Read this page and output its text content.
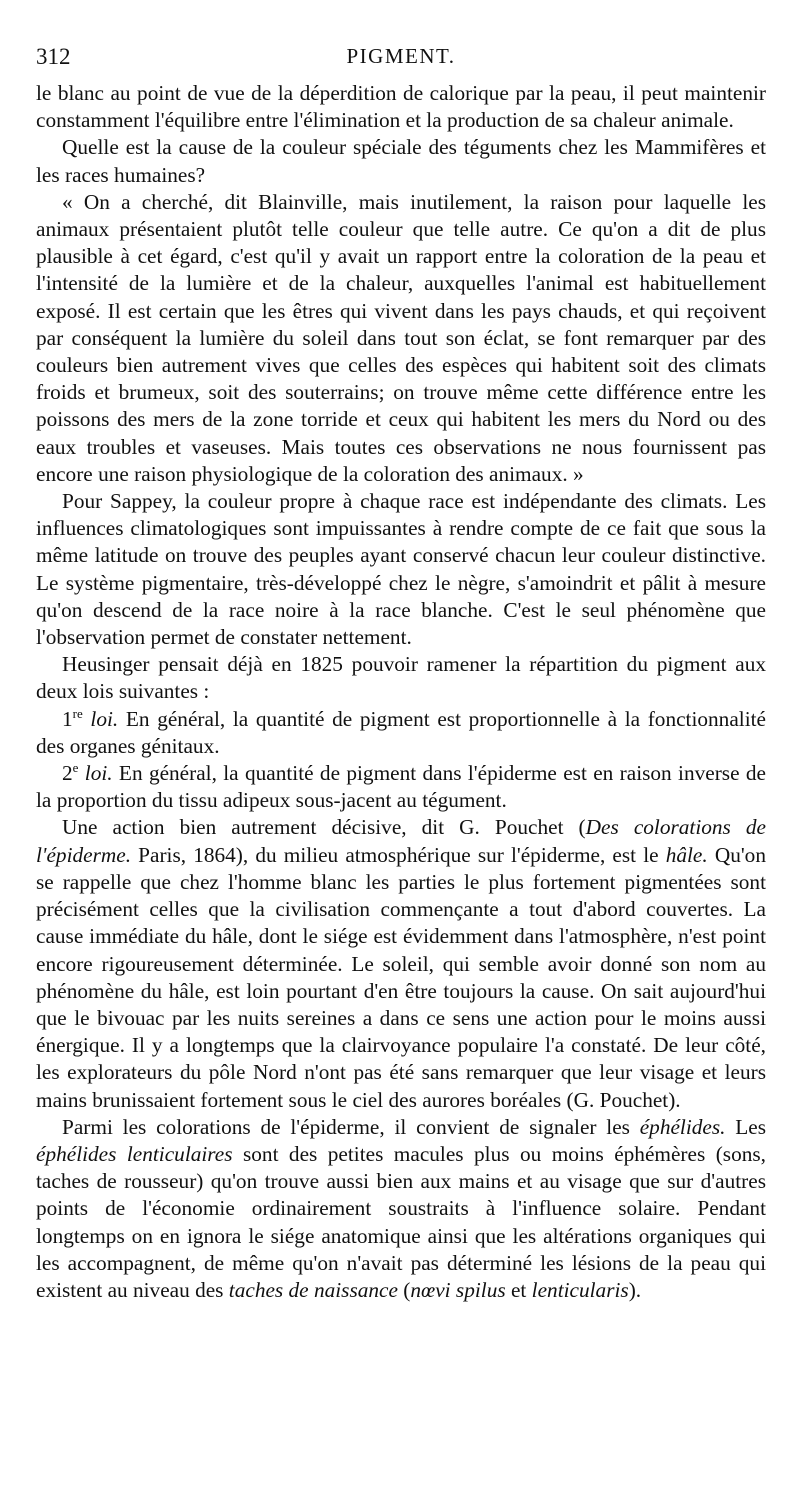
312	PIGMENT.

le blanc au point de vue de la déperdition de calorique par la peau, il peut maintenir constamment l'équilibre entre l'élimination et la production de sa chaleur animale.

Quelle est la cause de la couleur spéciale des téguments chez les Mammifères et les races humaines?

« On a cherché, dit Blainville, mais inutilement, la raison pour laquelle les animaux présentaient plutôt telle couleur que telle autre. Ce qu'on a dit de plus plausible à cet égard, c'est qu'il y avait un rapport entre la coloration de la peau et l'intensité de la lumière et de la chaleur, auxquelles l'animal est habituellement exposé. Il est certain que les êtres qui vivent dans les pays chauds, et qui reçoivent par conséquent la lumière du soleil dans tout son éclat, se font remarquer par des couleurs bien autrement vives que celles des espèces qui habitent soit des climats froids et brumeux, soit des souterrains; on trouve même cette différence entre les poissons des mers de la zone torride et ceux qui habitent les mers du Nord ou des eaux troubles et vaseuses. Mais toutes ces observations ne nous fournissent pas encore une raison physiologique de la coloration des animaux. »

Pour Sappey, la couleur propre à chaque race est indépendante des climats. Les influences climatologiques sont impuissantes à rendre compte de ce fait que sous la même latitude on trouve des peuples ayant conservé chacun leur couleur distinctive. Le système pigmentaire, très-développé chez le nègre, s'amoindrit et pâlit à mesure qu'on descend de la race noire à la race blanche. C'est le seul phénomène que l'observation permet de constater nettement.

Heusinger pensait déjà en 1825 pouvoir ramener la répartition du pigment aux deux lois suivantes :

1re loi. En général, la quantité de pigment est proportionnelle à la fonctionnalité des organes génitaux.

2e loi. En général, la quantité de pigment dans l'épiderme est en raison inverse de la proportion du tissu adipeux sous-jacent au tégument.

Une action bien autrement décisive, dit G. Pouchet (Des colorations de l'épiderme. Paris, 1864), du milieu atmosphérique sur l'épiderme, est le hâle. Qu'on se rappelle que chez l'homme blanc les parties le plus fortement pigmentées sont précisément celles que la civilisation commençante a tout d'abord couvertes. La cause immédiate du hâle, dont le siége est évidemment dans l'atmosphère, n'est point encore rigoureusement déterminée. Le soleil, qui semble avoir donné son nom au phénomène du hâle, est loin pourtant d'en être toujours la cause. On sait aujourd'hui que le bivouac par les nuits sereines a dans ce sens une action pour le moins aussi énergique. Il y a longtemps que la clairvoyance populaire l'a constaté. De leur côté, les explorateurs du pôle Nord n'ont pas été sans remarquer que leur visage et leurs mains brunissaient fortement sous le ciel des aurores boréales (G. Pouchet).

Parmi les colorations de l'épiderme, il convient de signaler les éphélides. Les éphélides lenticulaires sont des petites macules plus ou moins éphémères (sons, taches de rousseur) qu'on trouve aussi bien aux mains et au visage que sur d'autres points de l'économie ordinairement soustraits à l'influence solaire. Pendant longtemps on en ignora le siége anatomique ainsi que les altérations organiques qui les accompagnent, de même qu'on n'avait pas déterminé les lésions de la peau qui existent au niveau des taches de naissance (nœvi spilus et lenticularis).
